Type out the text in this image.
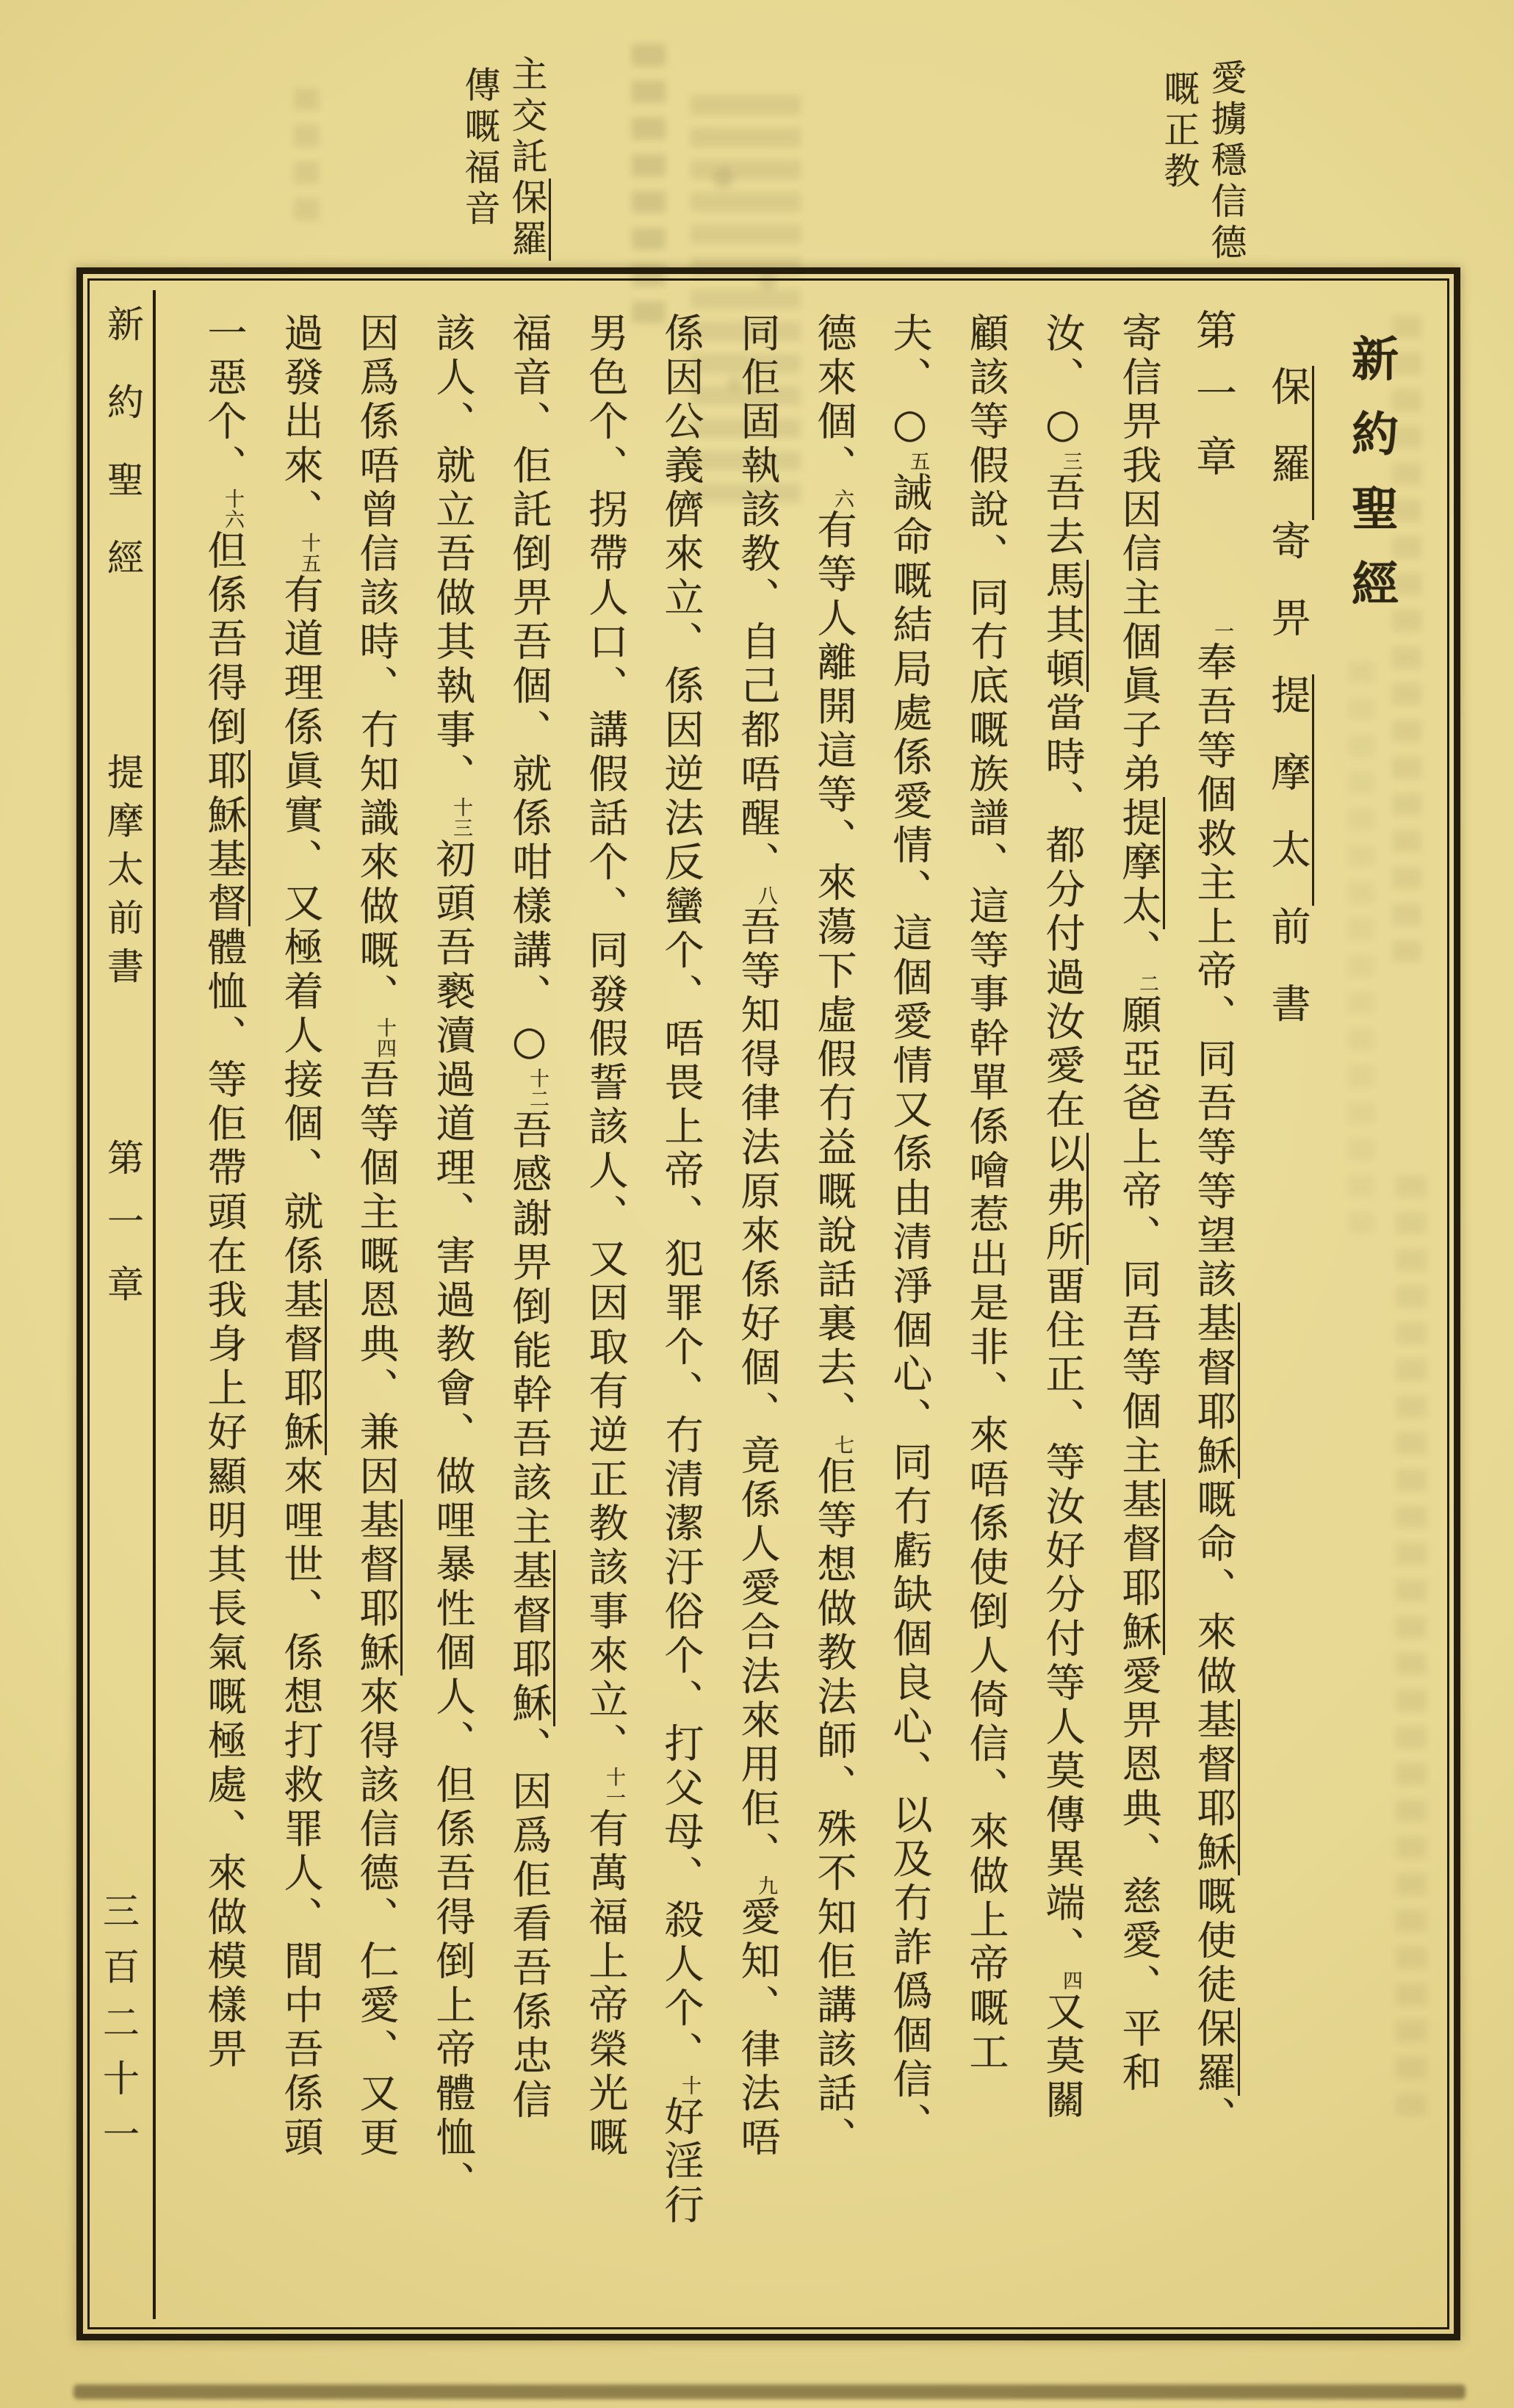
愛擄穩信德
嘅正教
主交託保羅
傳嘅福音
新約聖經
保羅寄畀提摩太前書
第一章
一奉吾等個救主上帝、同吾等等望該基督耶穌嘅命、來做基督耶穌嘅使徒保羅、
寄信畀我因信主個眞子弟提摩太、二願亞爸上帝、同吾等個主基督耶穌愛畀恩典、慈愛、平和
汝、○三吾去馬其頓當時、都分付過汝愛在以弗所畱住正、等汝好分付等人莫傳異端、四又莫關
顧該等假說、同冇底嘅族譜、這等事幹單係噲惹出是非、來唔係使倒人倚信、來做上帝嘅工
夫、○五誡命嘅結局處係愛情、這個愛情又係由清淨個心、同冇虧缺個良心、以及冇詐僞個信、
德來個、六有等人離開這等、來蕩下虛假冇益嘅說話裏去、七佢等想做教法師、殊不知佢講該話、
同佢固執該教、自己都唔醒、八吾等知得律法原來係好個、竟係人愛合法來用佢、九愛知、律法唔
係因公義儕來立、係因逆法反蠻个、唔畏上帝、犯罪个、冇清潔汙俗个、打父母、殺人个、十好淫行
男色个、拐帶人口、講假話个、同發假誓該人、又因取有逆正教該事來立、十一有萬福上帝榮光嘅
福音、佢託倒畀吾個、就係咁樣講、○十二吾感謝畀倒能幹吾該主基督耶穌、因爲佢看吾係忠信
該人、就立吾做其執事、十三初頭吾褻瀆過道理、害過教會、做哩暴性個人、但係吾得倒上帝體恤、
因爲係唔曾信該時、冇知識來做嘅、十四吾等個主嘅恩典、兼因基督耶穌來得該信德、仁愛、又更
過發出來、十五有道理係眞實、又極着人接個、就係基督耶穌來哩世、係想打救罪人、間中吾係頭
一惡个、十六但係吾得倒耶穌基督體恤、等佢帶頭在我身上好顯明其長氣嘅極處、來做模樣畀
新約聖經
提摩太前書
第一章
三百二十一
